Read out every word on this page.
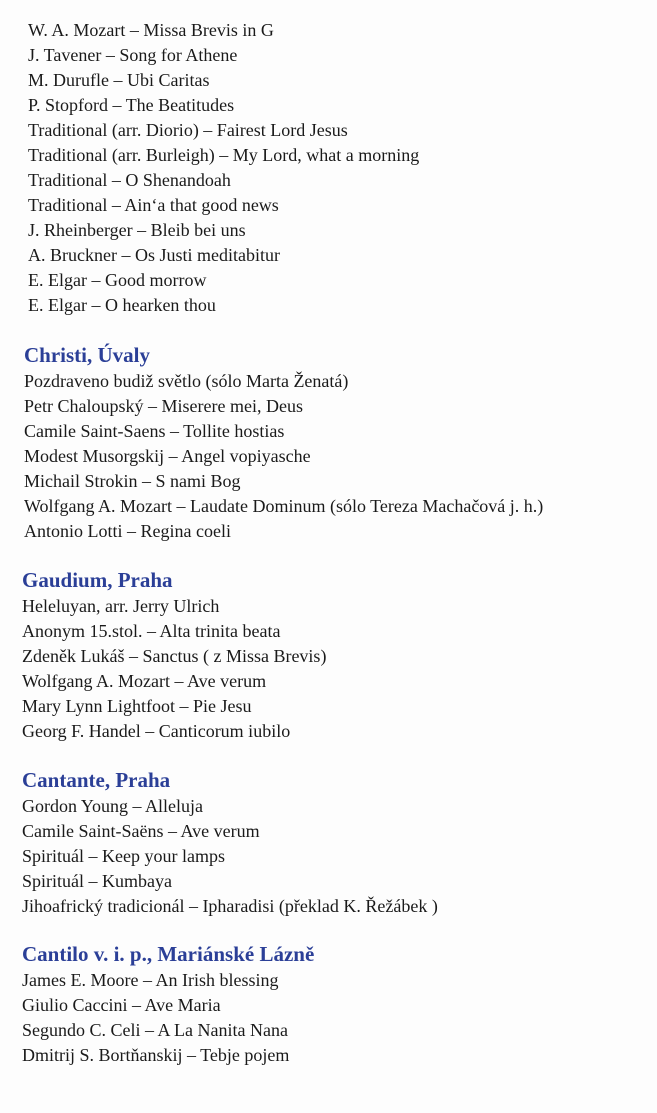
W. A. Mozart – Missa Brevis in G
J. Tavener – Song for Athene
M. Durufle – Ubi Caritas
P. Stopford – The Beatitudes
Traditional (arr. Diorio) – Fairest Lord Jesus
Traditional (arr. Burleigh) – My Lord, what a morning
Traditional – O Shenandoah
Traditional – Ain‘a that good news
J. Rheinberger – Bleib bei uns
A. Bruckner – Os Justi meditabitur
E. Elgar – Good morrow
E. Elgar – O hearken thou
Christi, Úvaly
Pozdraveno budiž světlo (sólo Marta Ženatá)
Petr Chaloupský – Miserere mei, Deus
Camile Saint-Saens – Tollite hostias
Modest Musorgskij – Angel vopiyasche
Michail Strokin – S nami Bog
Wolfgang A. Mozart – Laudate Dominum (sólo Tereza Machačová j. h.)
Antonio Lotti – Regina coeli
Gaudium, Praha
Heleluyan, arr. Jerry Ulrich
Anonym 15.stol. – Alta trinita beata
Zdeněk Lukáš – Sanctus ( z Missa Brevis)
Wolfgang A. Mozart – Ave verum
Mary Lynn Lightfoot – Pie Jesu
Georg F. Handel – Canticorum iubilo
Cantante, Praha
Gordon Young – Alleluja
Camile Saint-Saëns – Ave verum
Spirituál – Keep your lamps
Spirituál – Kumbaya
Jihoafrický tradicionál – Ipharadisi (překlad K. Řežábek )
Cantilo v. i. p., Mariánské Lázně
James E. Moore – An Irish blessing
Giulio Caccini – Ave Maria
Segundo C. Celi – A La Nanita Nana
Dmitrij S. Bortňanskij – Tebje pojem
